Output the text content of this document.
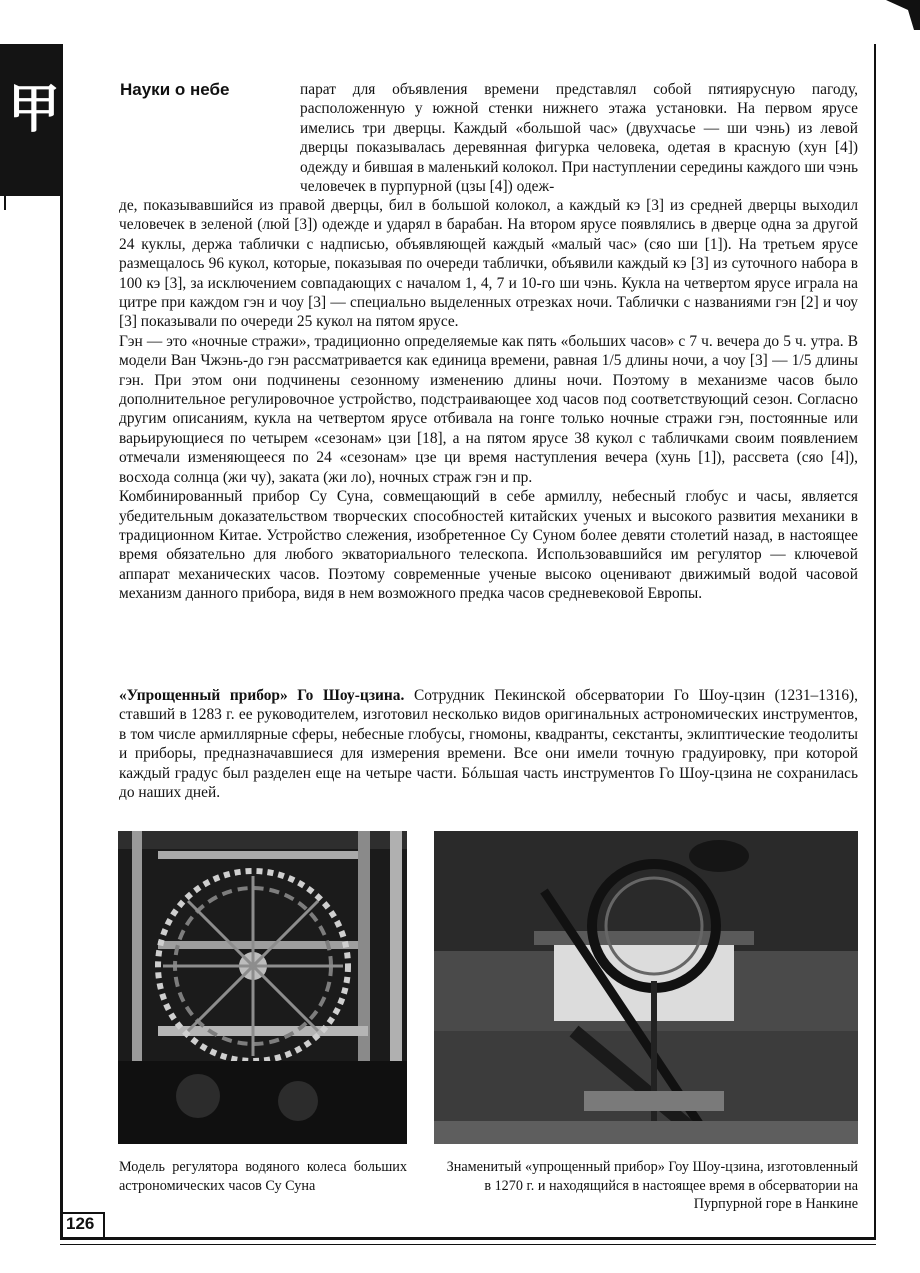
甲	Науки о небе	парат для объявления времени представлял собой пятиярусную пагоду, расположенную у южной стенки нижнего этажа установки. На первом ярусе имелись три дверцы. Каждый «большой час» (двухчасье — ши чэнь) из левой дверцы показывалась деревянная фигурка человека, одетая в красную (хун [4]) одежду и бившая в маленький колокол. При наступлении середины каждого ши чэнь человечек в пурпурной (цзы [4]) одеж-

де, показывавшийся из правой дверцы, бил в большой колокол, а каждый кэ [3] из средней дверцы выходил человечек в зеленой (люй [3]) одежде и ударял в барабан. На втором ярусе появлялись в дверце одна за другой 24 куклы, держа таблички с надписью, объявляющей каждый «малый час» (сяо ши [1]). На третьем ярусе размещалось 96 кукол, которые, показывая по очереди таблички, объявили каждый кэ [3] из суточного набора в 100 кэ [3], за исключением совпадающих с началом 1, 4, 7 и 10-го ши чэнь. Кукла на четвертом ярусе играла на цитре при каждом гэн и чоу [3] — специально выделенных отрезках ночи. Таблички с названиями гэн [2] и чоу [3] показывали по очереди 25 кукол на пятом ярусе.

Гэн — это «ночные стражи», традиционно определяемые как пять «больших часов» с 7 ч. вечера до 5 ч. утра. В модели Ван Чжэнь-до гэн рассматривается как единица времени, равная 1/5 длины ночи, а чоу [3] — 1/5 длины гэн. При этом они подчинены сезонному изменению длины ночи. Поэтому в механизме часов было дополнительное регулировочное устройство, подстраивающее ход часов под соответствующий сезон. Согласно другим описаниям, кукла на четвертом ярусе отбивала на гонге только ночные стражи гэн, постоянные или варьирующиеся по четырем «сезонам» цзи [18], а на пятом ярусе 38 кукол с табличками своим появлением отмечали изменяющееся по 24 «сезонам» цзе ци время наступления вечера (хунь [1]), рассвета (сяо [4]), восхода солнца (жи чу), заката (жи ло), ночных страж гэн и пр.

Комбинированный прибор Су Суна, совмещающий в себе армиллу, небесный глобус и часы, является убедительным доказательством творческих способностей китайских ученых и высокого развития механики в традиционном Китае. Устройство слежения, изобретенное Су Суном более девяти столетий назад, в настоящее время обязательно для любого экваториального телескопа. Использовавшийся им регулятор — ключевой аппарат механических часов. Поэтому современные ученые высоко оценивают движимый водой часовой механизм данного прибора, видя в нем возможного предка часов средневековой Европы.

«Упрощенный прибор» Го Шоу-цзина. Сотрудник Пекинской обсерватории Го Шоу-цзин (1231–1316), ставший в 1283 г. ее руководителем, изготовил несколько видов оригинальных астрономических инструментов, в том числе армиллярные сферы, небесные глобусы, гномоны, квадранты, секстанты, эклиптические теодолиты и приборы, предназначавшиеся для измерения времени. Все они имели точную градуировку, при которой каждый градус был разделен еще на четыре части. Бóльшая часть инструментов Го Шоу-цзина не сохранилась до наших дней.

Модель регулятора водяного колеса больших астрономических часов Су Суна
Знаменитый «упрощенный прибор» Гоу Шоу-цзина, изготовленный в 1270 г. и находящийся в настоящее время в обсерватории на Пурпурной горе в Нанкине
126
